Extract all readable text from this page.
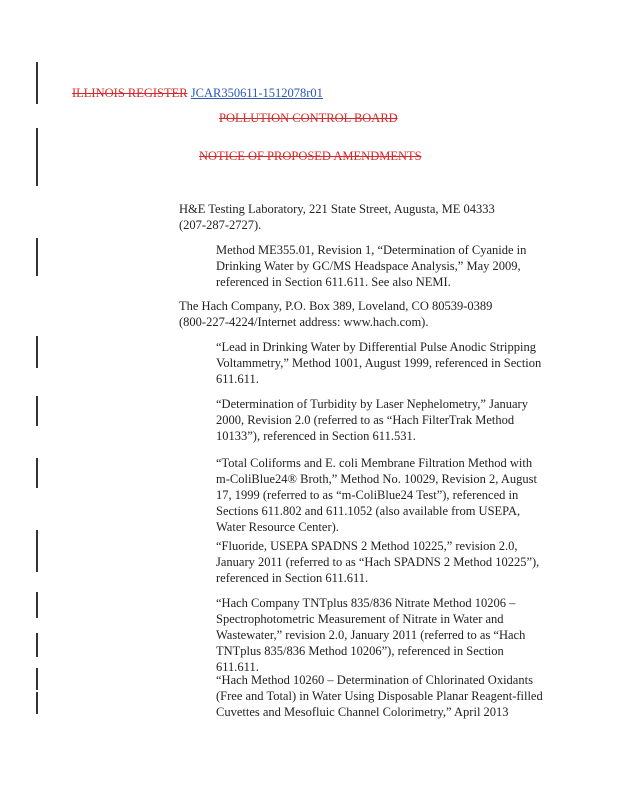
ILLINOIS REGISTER JCAR350611-1512078r01
POLLUTION CONTROL BOARD
NOTICE OF PROPOSED AMENDMENTS
H&E Testing Laboratory, 221 State Street, Augusta, ME 04333
(207-287-2727).
Method ME355.01, Revision 1, “Determination of Cyanide in
Drinking Water by GC/MS Headspace Analysis,” May 2009,
referenced in Section 611.611. See also NEMI.
The Hach Company, P.O. Box 389, Loveland, CO 80539-0389
(800-227-4224/Internet address: www.hach.com).
“Lead in Drinking Water by Differential Pulse Anodic Stripping
Voltammetry,” Method 1001, August 1999, referenced in Section
611.611.
“Determination of Turbidity by Laser Nephelometry,” January
2000, Revision 2.0 (referred to as “Hach FilterTrak Method
10133”), referenced in Section 611.531.
“Total Coliforms and E. coli Membrane Filtration Method with
m-ColiBlue24® Broth,” Method No. 10029, Revision 2, August
17, 1999 (referred to as “m-ColiBlue24 Test”), referenced in
Sections 611.802 and 611.1052 (also available from USEPA,
Water Resource Center).
“Fluoride, USEPA SPADNS 2 Method 10225,” revision 2.0,
January 2011 (referred to as “Hach SPADNS 2 Method 10225”),
referenced in Section 611.611.
“Hach Company TNTplus 835/836 Nitrate Method 10206 –
Spectrophotometric Measurement of Nitrate in Water and
Wastewater,” revision 2.0, January 2011 (referred to as “Hach
TNTplus 835/836 Method 10206”), referenced in Section
611.611.
“Hach Method 10260 – Determination of Chlorinated Oxidants
(Free and Total) in Water Using Disposable Planar Reagent-filled
Cuvettes and Mesofluic Channel Colorimetry,” April 2013
